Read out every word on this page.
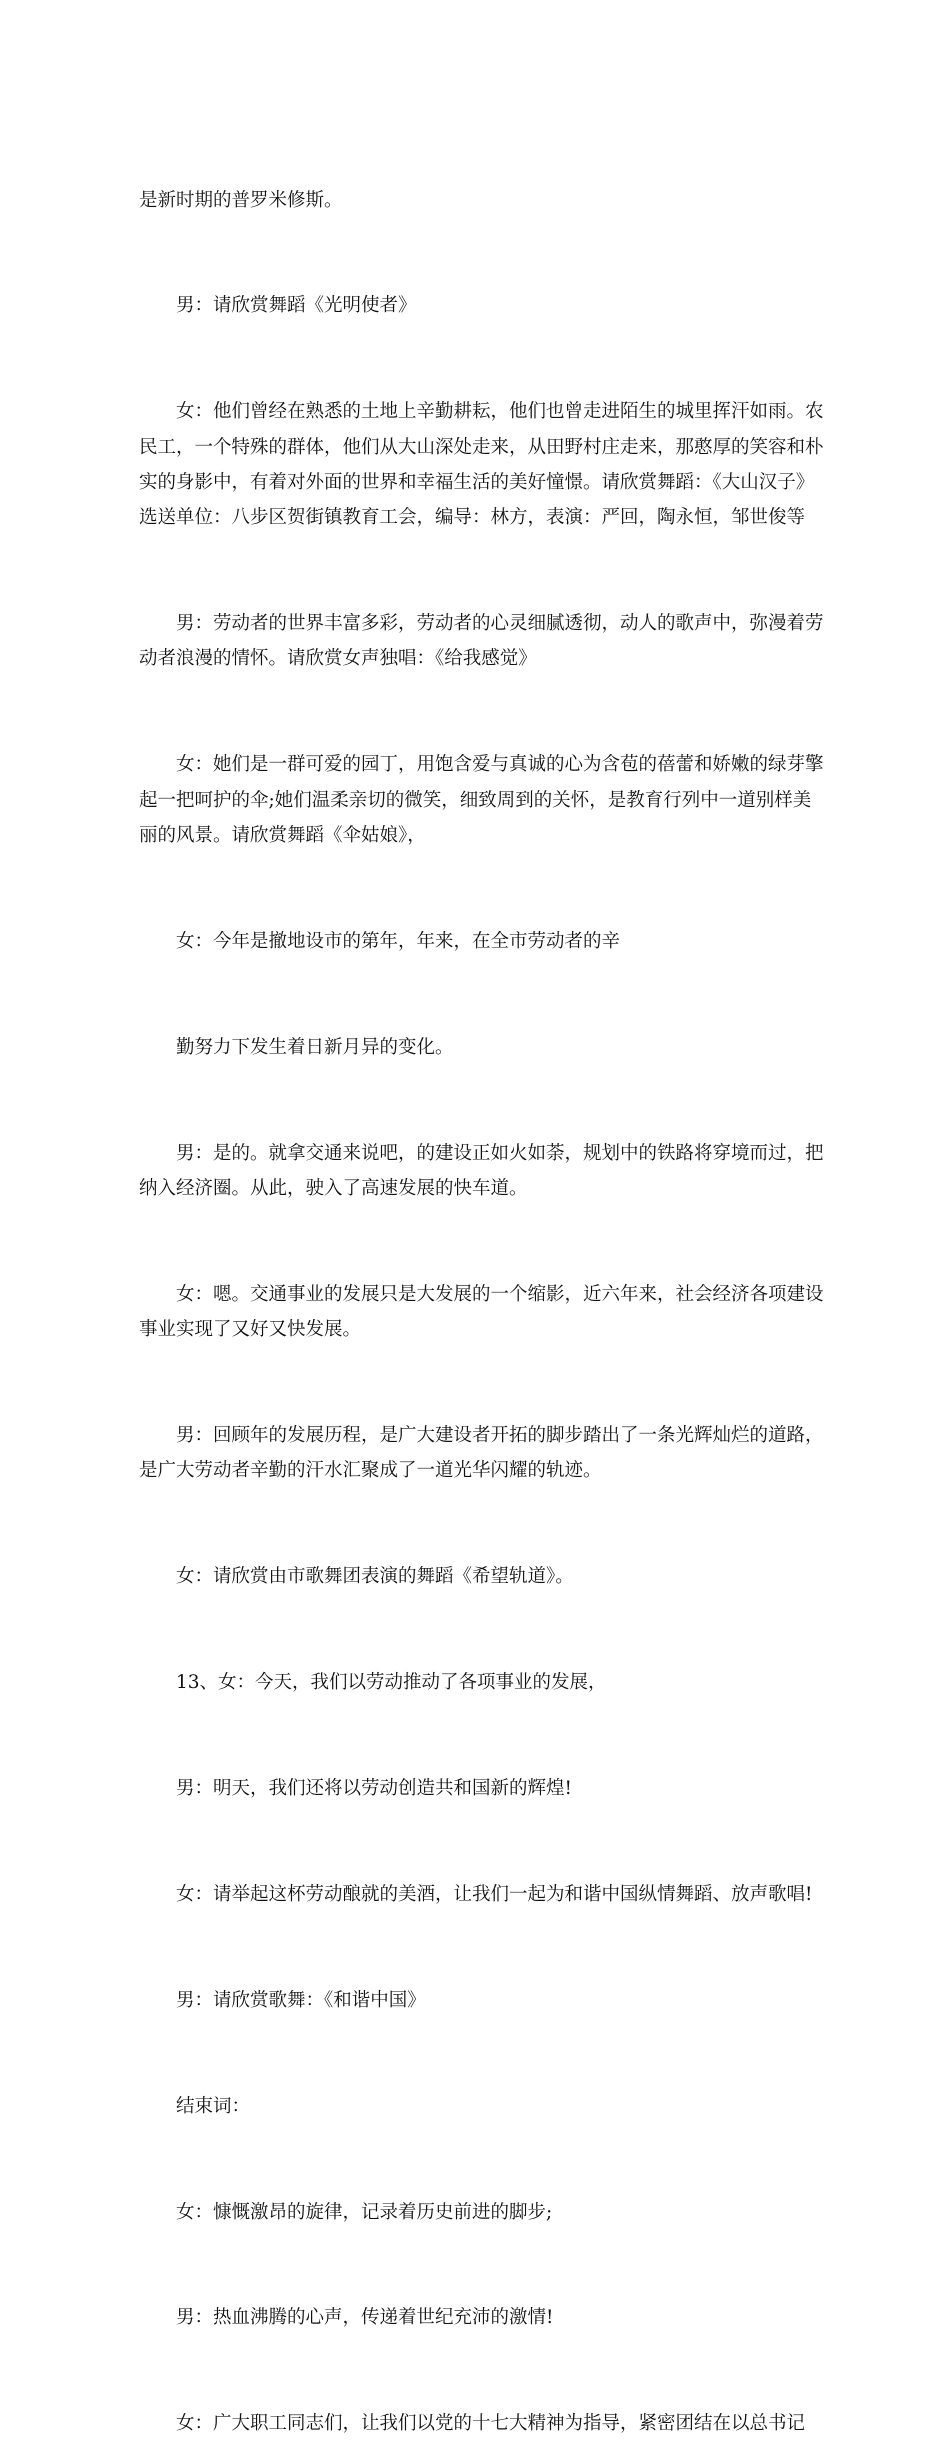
是新时期的普罗米修斯。

男：请欣赏舞蹈《光明使者》

女：他们曾经在熟悉的土地上辛勤耕耘，他们也曾走进陌生的城里挥汗如雨。农民工，一个特殊的群体，他们从大山深处走来，从田野村庄走来，那憨厚的笑容和朴实的身影中，有着对外面的世界和幸福生活的美好憧憬。请欣赏舞蹈：《大山汉子》选送单位：八步区贺街镇教育工会，编导：林方，表演：严回，陶永恒，邹世俊等

男：劳动者的世界丰富多彩，劳动者的心灵细腻透彻，动人的歌声中，弥漫着劳动者浪漫的情怀。请欣赏女声独唱：《给我感觉》

女：她们是一群可爱的园丁，用饱含爱与真诚的心为含苞的蓓蕾和娇嫩的绿芽擎起一把呵护的伞;她们温柔亲切的微笑，细致周到的关怀，是教育行列中一道别样美丽的风景。请欣赏舞蹈《伞姑娘》，

女：今年是撤地设市的第年，年来，在全市劳动者的辛

勤努力下发生着日新月异的变化。

男：是的。就拿交通来说吧，的建设正如火如荼，规划中的铁路将穿境而过，把纳入经济圈。从此，驶入了高速发展的快车道。

女：嗯。交通事业的发展只是大发展的一个缩影，近六年来，社会经济各项建设事业实现了又好又快发展。

男：回顾年的发展历程，是广大建设者开拓的脚步踏出了一条光辉灿烂的道路，是广大劳动者辛勤的汗水汇聚成了一道光华闪耀的轨迹。

女：请欣赏由市歌舞团表演的舞蹈《希望轨道》。

13、女：今天，我们以劳动推动了各项事业的发展，

男：明天，我们还将以劳动创造共和国新的辉煌!

女：请举起这杯劳动酿就的美酒，让我们一起为和谐中国纵情舞蹈、放声歌唱!

男：请欣赏歌舞：《和谐中国》

结束词：

女：慷慨激昂的旋律，记录着历史前进的脚步;

男：热血沸腾的心声，传递着世纪充沛的激情!

女：广大职工同志们，让我们以党的十七大精神为指导，紧密团结在以总书记
